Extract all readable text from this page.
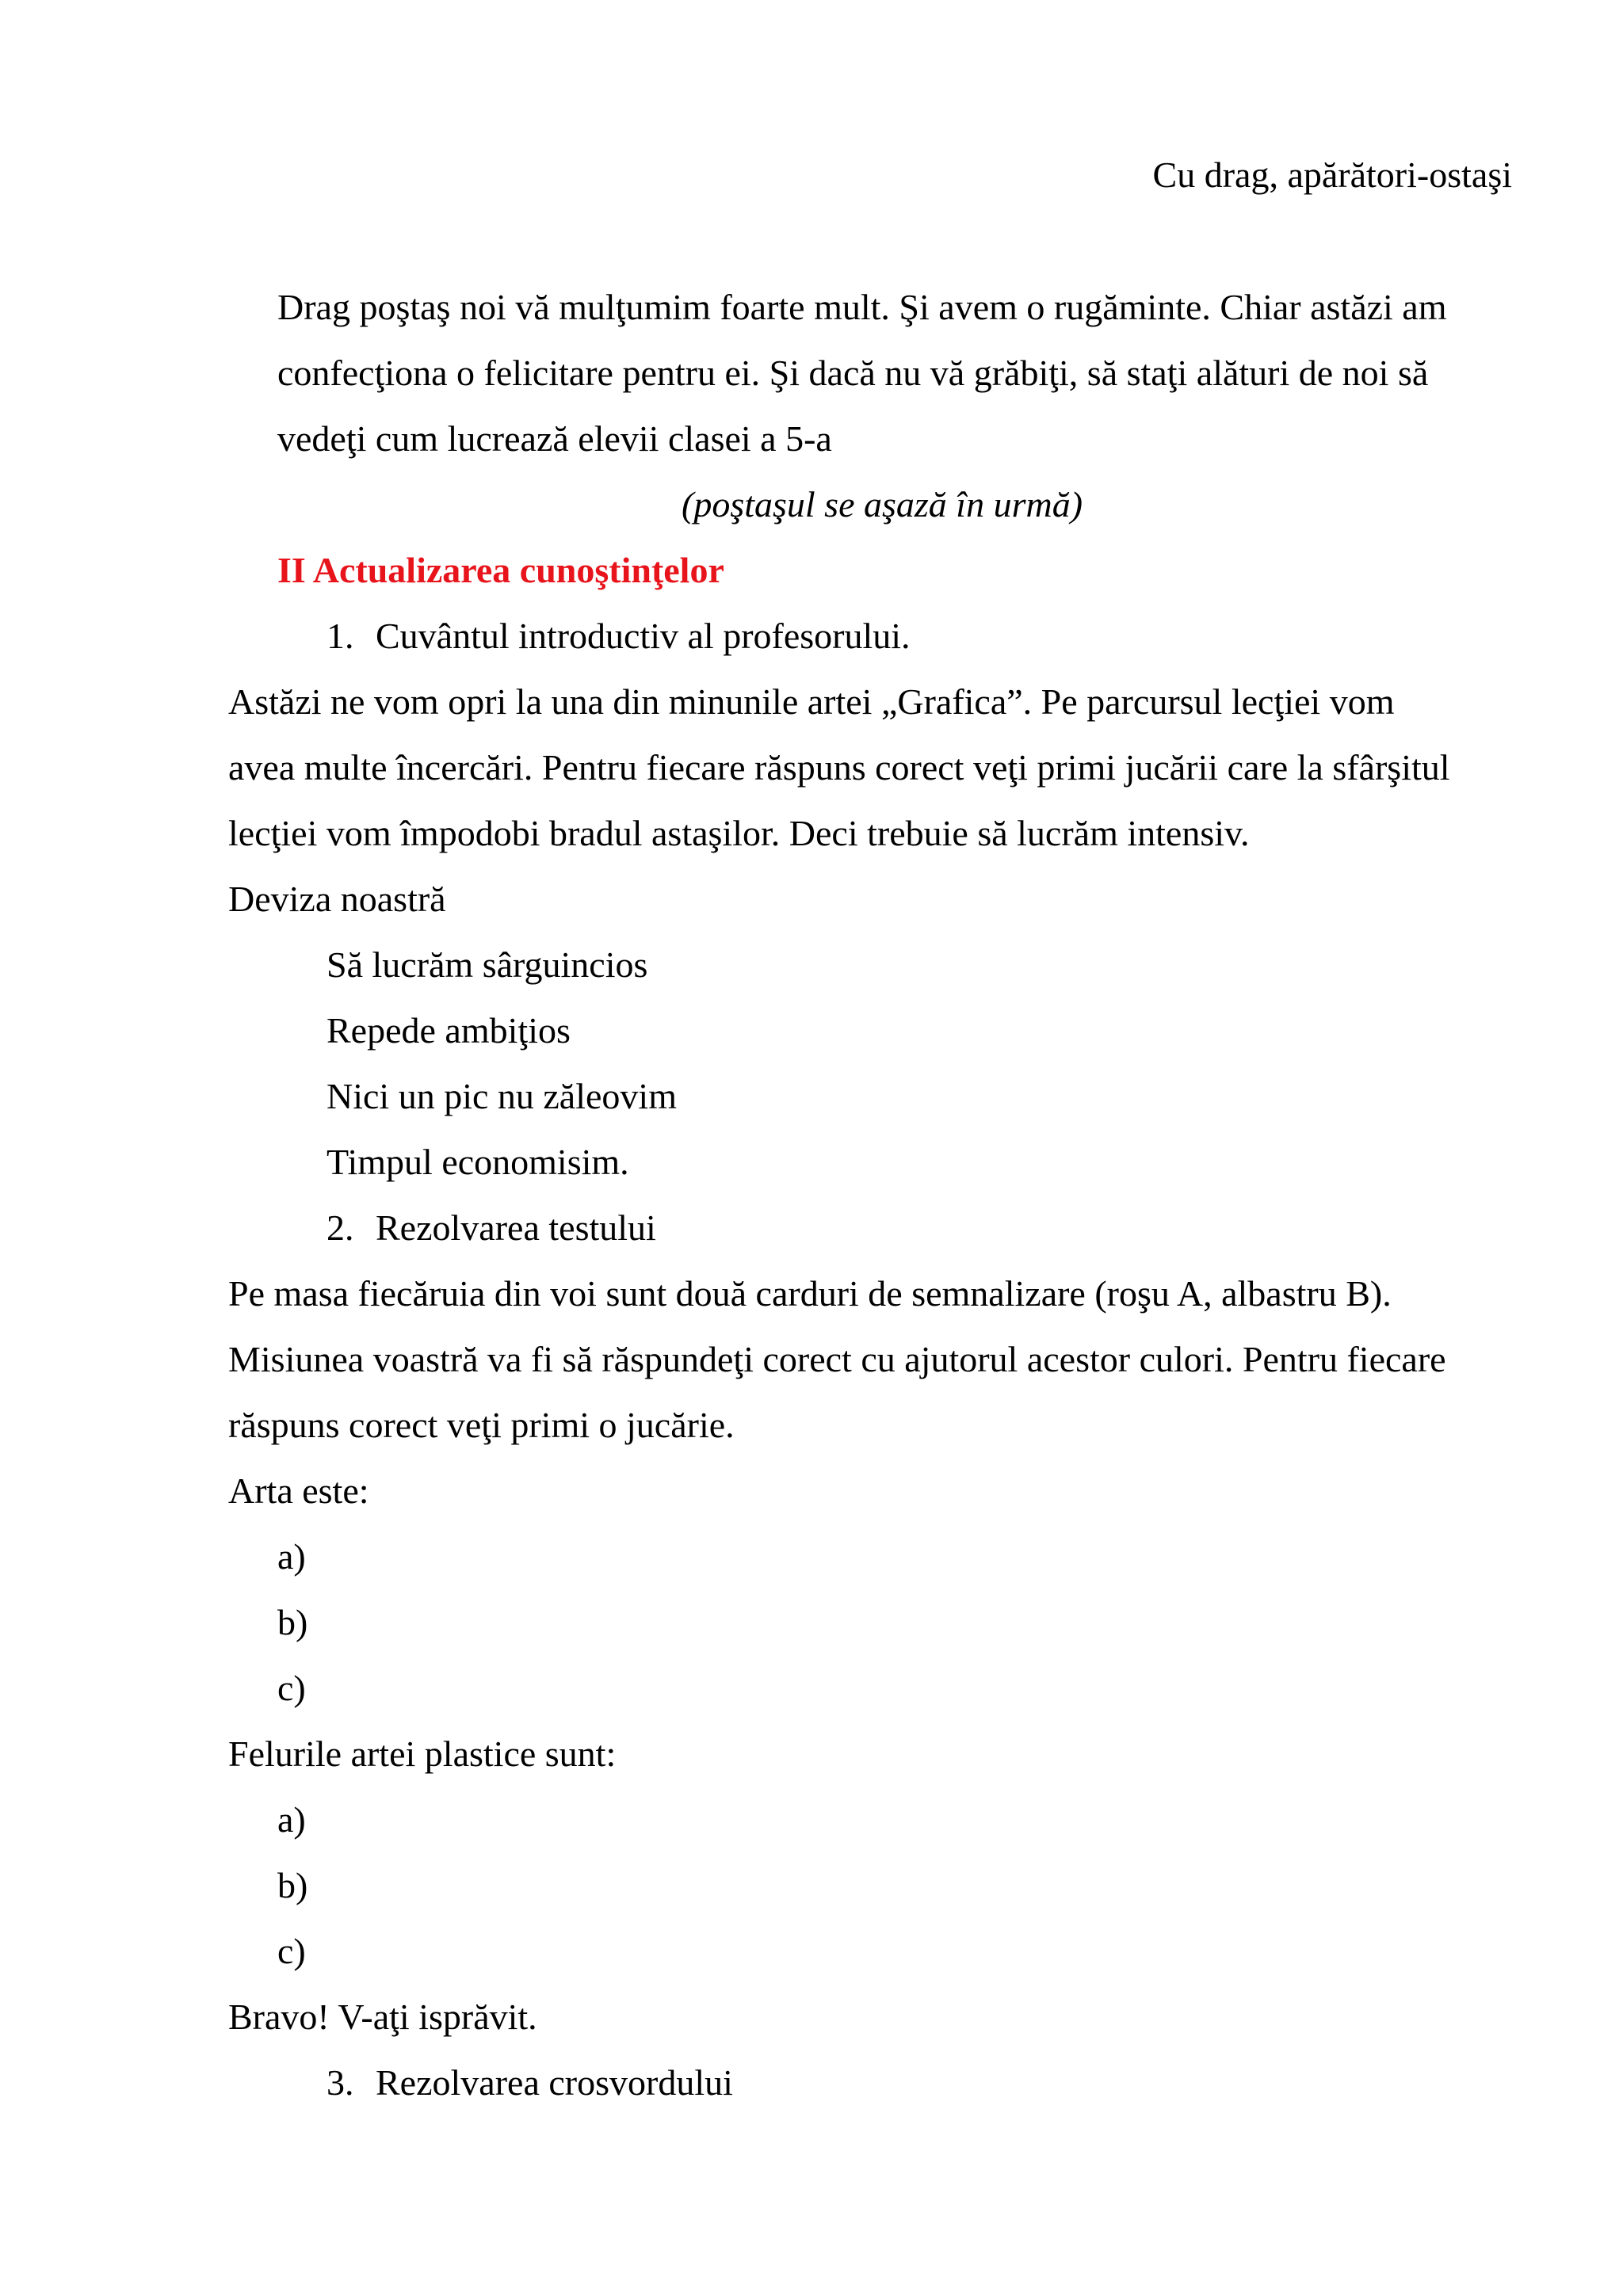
Cu drag, apărători-ostaşi
Drag poştaş noi vă mulţumim foarte mult. Şi avem o rugăminte. Chiar astăzi am
confecţiona o felicitare pentru ei. Şi dacă nu vă grăbiţi, să staţi alături de noi să
vedeţi cum lucrează elevii clasei a 5-a
(poştaşul se aşază în urmă)
II Actualizarea cunoştinţelor
1. Cuvântul introductiv al profesorului.
Astăzi ne vom opri la una din minunile artei „Grafica”. Pe parcursul lecţiei vom
avea multe încercări. Pentru fiecare răspuns corect veţi primi jucării care la sfârşitul
lecţiei vom împodobi bradul astaşilor. Deci trebuie să lucrăm intensiv.
Deviza noastră
Să lucrăm sârguincios
Repede ambiţios
Nici un pic nu zăleovim
Timpul economisim.
2. Rezolvarea testului
Pe masa fiecăruia din voi sunt două carduri de semnalizare (roşu A, albastru B).
Misiunea voastră va fi să răspundeţi corect cu ajutorul acestor culori. Pentru fiecare
răspuns corect veţi primi o jucărie.
Arta este:
a)
b)
c)
Felurile artei plastice sunt:
a)
b)
c)
Bravo! V-aţi isprăvit.
3. Rezolvarea crosvordului
